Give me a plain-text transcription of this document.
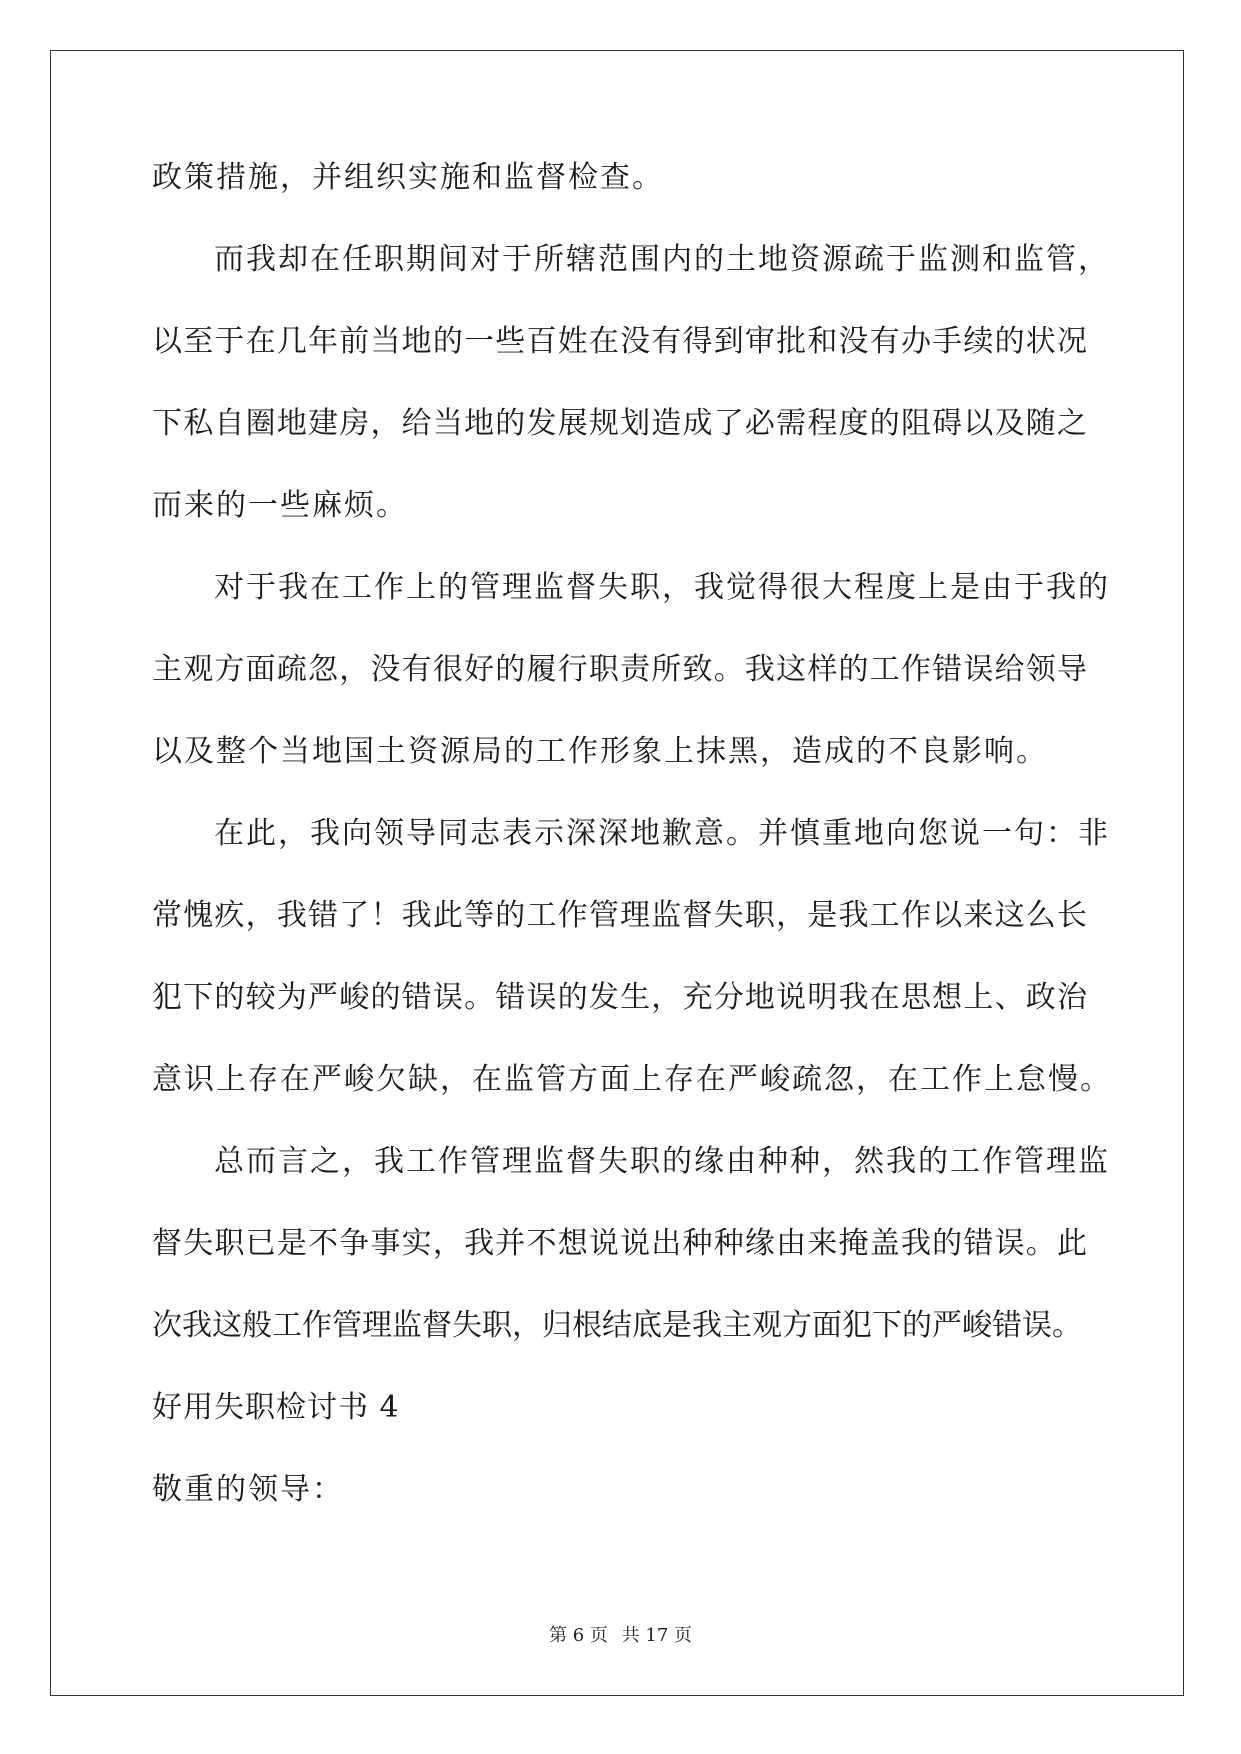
政策措施，并组织实施和监督检查。
而我却在任职期间对于所辖范围内的土地资源疏于监测和监管，
以至于在几年前当地的一些百姓在没有得到审批和没有办手续的状况
下私自圈地建房，给当地的发展规划造成了必需程度的阻碍以及随之
而来的一些麻烦。
对于我在工作上的管理监督失职，我觉得很大程度上是由于我的
主观方面疏忽，没有很好的履行职责所致。我这样的工作错误给领导
以及整个当地国土资源局的工作形象上抹黑，造成的不良影响。
在此，我向领导同志表示深深地歉意。并慎重地向您说一句：非
常愧疚，我错了！我此等的工作管理监督失职，是我工作以来这么长
犯下的较为严峻的错误。错误的发生，充分地说明我在思想上、政治
意识上存在严峻欠缺，在监管方面上存在严峻疏忽，在工作上怠慢。
总而言之，我工作管理监督失职的缘由种种，然我的工作管理监
督失职已是不争事实，我并不想说说出种种缘由来掩盖我的错误。此
次我这般工作管理监督失职，归根结底是我主观方面犯下的严峻错误。
好用失职检讨书 4
敬重的领导：
第 6 页 共 17 页
